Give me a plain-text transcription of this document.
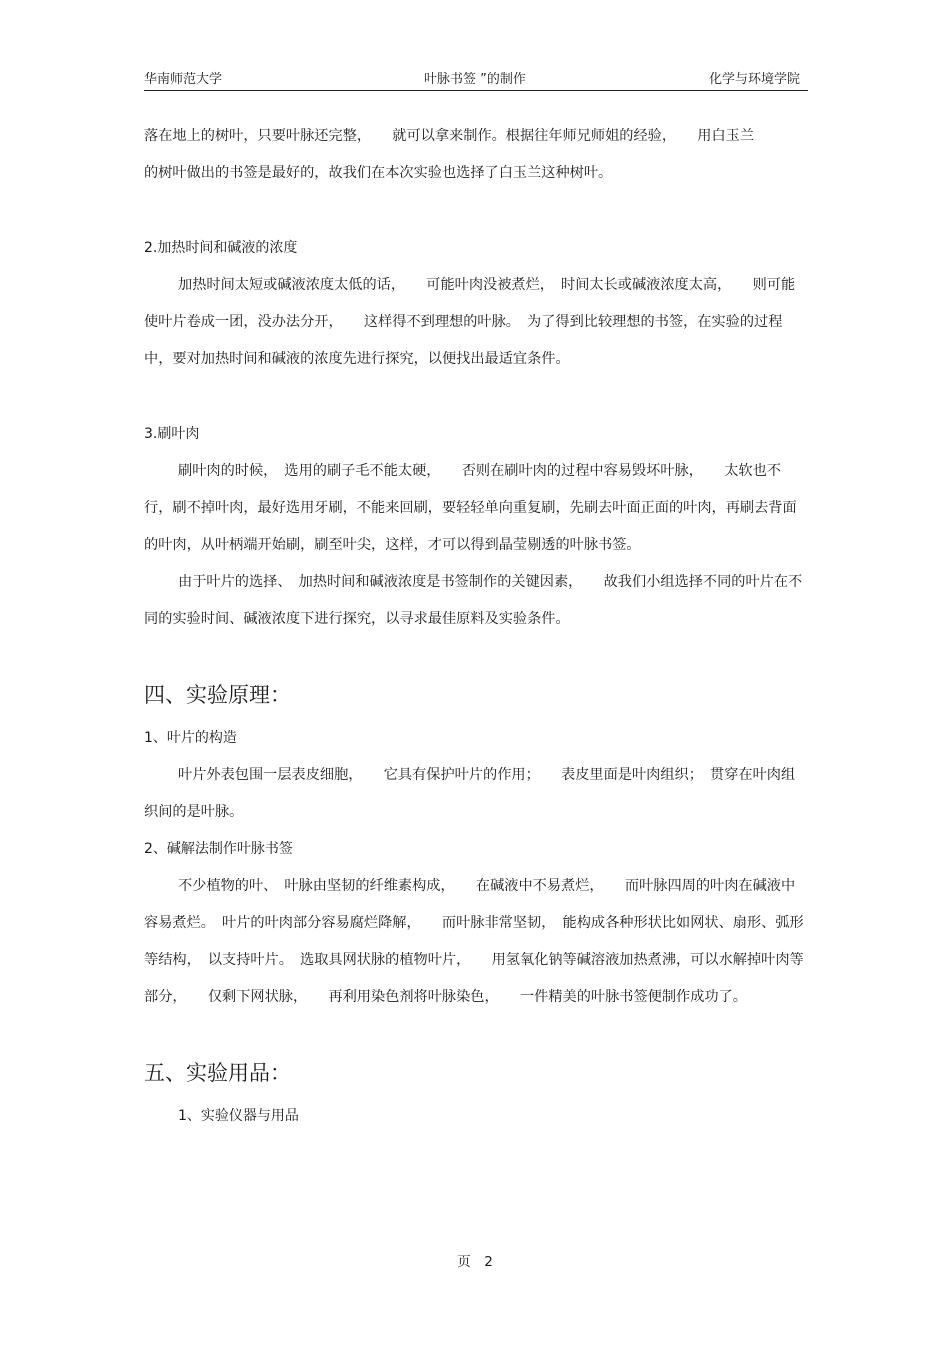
华南师范大学	叶脉书签 ”的制作	化学与环境学院

落在地上的树叶，只要叶脉还完整，　　就可以拿来制作。根据往年师兄师姐的经验，　　用白玉兰

的树叶做出的书签是最好的，故我们在本次实验也选择了白玉兰这种树叶。

2.加热时间和碱液的浓度

加热时间太短或碱液浓度太低的话，　　可能叶肉没被煮烂，　时间太长或碱液浓度太高，　　则可能使叶片卷成一团，没办法分开，　　这样得不到理想的叶脉。　为了得到比较理想的书签，在实验的过程中，要对加热时间和碱液的浓度先进行探究，以便找出最适宜条件。

3.刷叶肉

刷叶肉的时候，　选用的刷子毛不能太硬，　　否则在刷叶肉的过程中容易毁坏叶脉，　　太软也不行，刷不掉叶肉，最好选用牙刷，不能来回刷，要轻轻单向重复刷，先刷去叶面正面的叶肉，再刷去背面的叶肉，从叶柄端开始刷，刷至叶尖，这样，才可以得到晶莹剔透的叶脉书签。

由于叶片的选择、　加热时间和碱液浓度是书签制作的关键因素，　　故我们小组选择不同的叶片在不同的实验时间、碱液浓度下进行探究，以寻求最佳原料及实验条件。

四、实验原理：

1、叶片的构造

叶片外表包围一层表皮细胞，　　它具有保护叶片的作用；　　表皮里面是叶肉组织；　贯穿在叶肉组织间的是叶脉。

2、碱解法制作叶脉书签

不少植物的叶、　叶脉由坚韧的纤维素构成，　　在碱液中不易煮烂，　　而叶脉四周的叶肉在碱液中容易煮烂。　叶片的叶肉部分容易腐烂降解，　　而叶脉非常坚韧，　能构成各种形状比如网状、扇形、弧形等结构，　以支持叶片。　选取具网状脉的植物叶片，　　用氢氧化钠等碱溶液加热煮沸，可以水解掉叶肉等部分，　　仅剩下网状脉，　　再利用染色剂将叶脉染色，　　一件精美的叶脉书签便制作成功了。

五、实验用品：

1、实验仪器与用品

页　2
